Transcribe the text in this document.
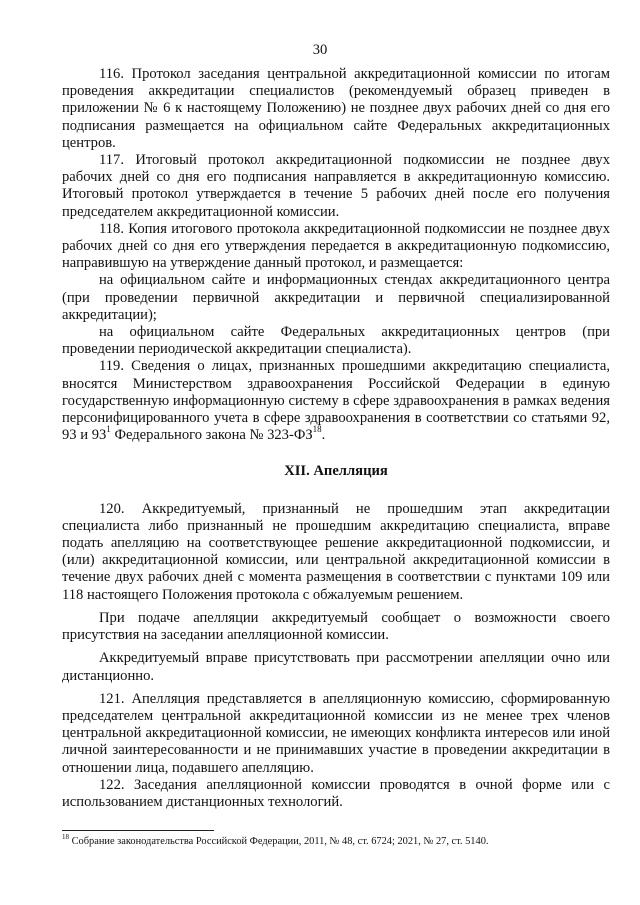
30

116. Протокол заседания центральной аккредитационной комиссии по итогам проведения аккредитации специалистов (рекомендуемый образец приведен в приложении № 6 к настоящему Положению) не позднее двух рабочих дней со дня его подписания размещается на официальном сайте Федеральных аккредитационных центров.

117. Итоговый протокол аккредитационной подкомиссии не позднее двух рабочих дней со дня его подписания направляется в аккредитационную комиссию. Итоговый протокол утверждается в течение 5 рабочих дней после его получения председателем аккредитационной комиссии.

118. Копия итогового протокола аккредитационной подкомиссии не позднее двух рабочих дней со дня его утверждения передается в аккредитационную подкомиссию, направившую на утверждение данный протокол, и размещается:

на официальном сайте и информационных стендах аккредитационного центра (при проведении первичной аккредитации и первичной специализированной аккредитации);

на официальном сайте Федеральных аккредитационных центров (при проведении периодической аккредитации специалиста).

119. Сведения о лицах, признанных прошедшими аккредитацию специалиста, вносятся Министерством здравоохранения Российской Федерации в единую государственную информационную систему в сфере здравоохранения в рамках ведения персонифицированного учета в сфере здравоохранения в соответствии со статьями 92, 93 и $93^1$ Федерального закона № 323-ФЗ$^{18}$.

XII. Апелляция

120. Аккредитуемый, признанный не прошедшим этап аккредитации специалиста либо признанный не прошедшим аккредитацию специалиста, вправе подать апелляцию на соответствующее решение аккредитационной подкомиссии, и (или) аккредитационной комиссии, или центральной аккредитационной комиссии в течение двух рабочих дней с момента размещения в соответствии с пунктами 109 или 118 настоящего Положения протокола с обжалуемым решением.

При подаче апелляции аккредитуемый сообщает о возможности своего присутствия на заседании апелляционной комиссии.

Аккредитуемый вправе присутствовать при рассмотрении апелляции очно или дистанционно.

121. Апелляция представляется в апелляционную комиссию, сформированную председателем центральной аккредитационной комиссии из не менее трех членов центральной аккредитационной комиссии, не имеющих конфликта интересов или иной личной заинтересованности и не принимавших участие в проведении аккредитации в отношении лица, подавшего апелляцию.

122. Заседания апелляционной комиссии проводятся в очной форме или с использованием дистанционных технологий.

$^{18}$ Собрание законодательства Российской Федерации, 2011, № 48, ст. 6724; 2021, № 27, ст. 5140.
